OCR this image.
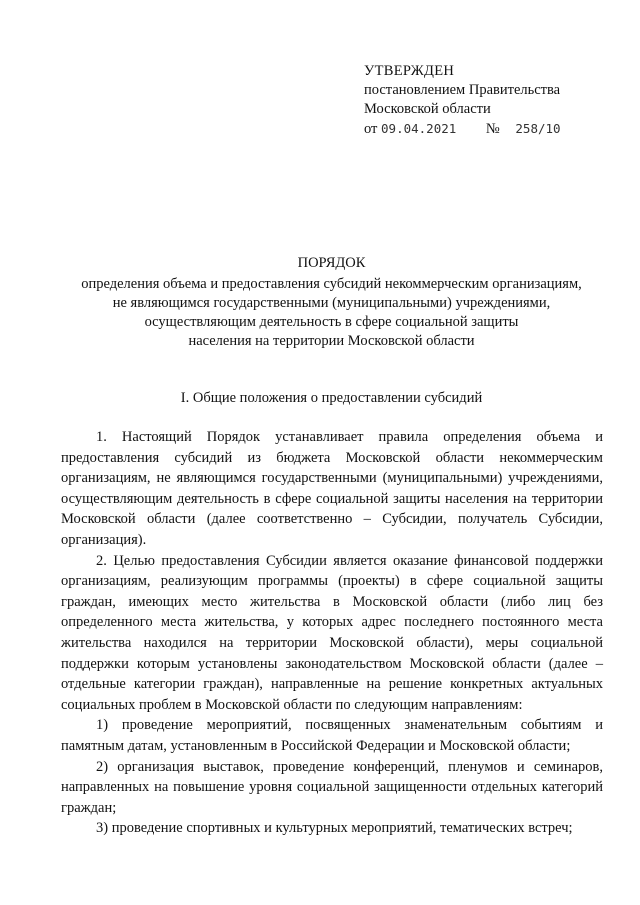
УТВЕРЖДЕН
постановлением Правительства
Московской области
от 09.04.2021 № 258/10
ПОРЯДОК
определения объема и предоставления субсидий некоммерческим организациям,
не являющимся государственными (муниципальными) учреждениями,
осуществляющим деятельность в сфере социальной защиты
населения на территории Московской области
I. Общие положения о предоставлении субсидий

1. Настоящий Порядок устанавливает правила определения объема и предоставления субсидий из бюджета Московской области некоммерческим организациям, не являющимся государственными (муниципальными) учреждениями, осуществляющим деятельность в сфере социальной защиты населения на территории Московской области (далее соответственно – Субсидии, получатель Субсидии, организация).

2. Целью предоставления Субсидии является оказание финансовой поддержки организациям, реализующим программы (проекты) в сфере социальной защиты граждан, имеющих место жительства в Московской области (либо лиц без определенного места жительства, у которых адрес последнего постоянного места жительства находился на территории Московской области), меры социальной поддержки которым установлены законодательством Московской области (далее – отдельные категории граждан), направленные на решение конкретных актуальных социальных проблем в Московской области по следующим направлениям:

1) проведение мероприятий, посвященных знаменательным событиям и памятным датам, установленным в Российской Федерации и Московской области;

2) организация выставок, проведение конференций, пленумов и семинаров, направленных на повышение уровня социальной защищенности отдельных категорий граждан;

3) проведение спортивных и культурных мероприятий, тематических встреч;
